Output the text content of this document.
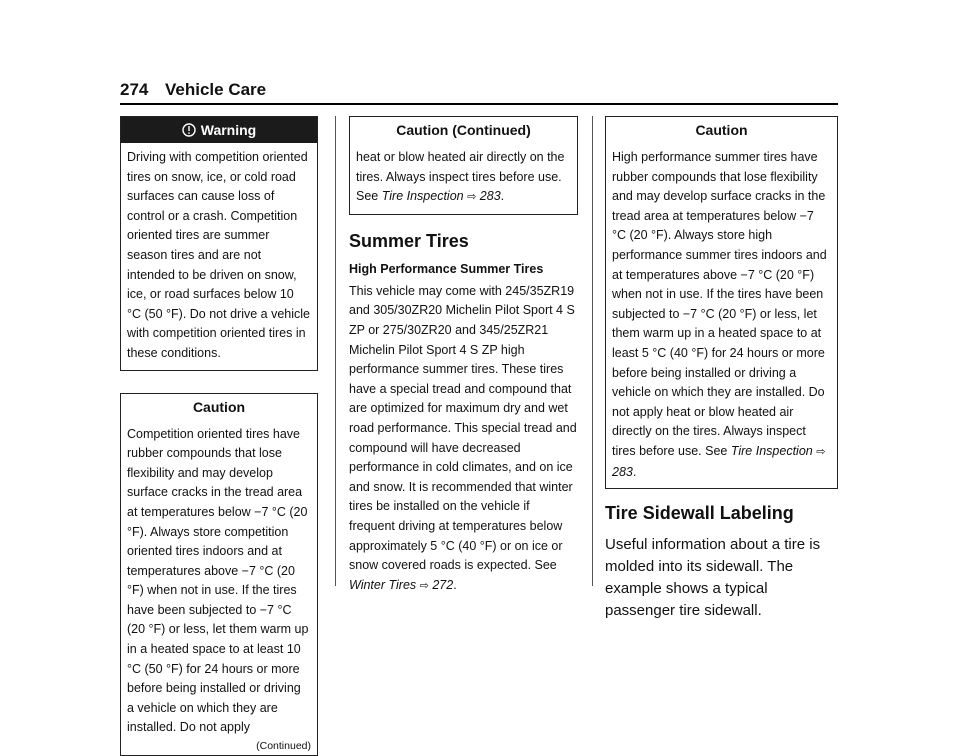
274 Vehicle Care
Warning
Driving with competition oriented tires on snow, ice, or cold road surfaces can cause loss of control or a crash. Competition oriented tires are summer season tires and are not intended to be driven on snow, ice, or road surfaces below 10 °C (50 °F). Do not drive a vehicle with competition oriented tires in these conditions.
Caution
Competition oriented tires have rubber compounds that lose flexibility and may develop surface cracks in the tread area at temperatures below −7 °C (20 °F). Always store competition oriented tires indoors and at temperatures above −7 °C (20 °F) when not in use. If the tires have been subjected to −7 °C (20 °F) or less, let them warm up in a heated space to at least 10 °C (50 °F) for 24 hours or more before being installed or driving a vehicle on which they are installed. Do not apply
(Continued)
Caution (Continued)
heat or blow heated air directly on the tires. Always inspect tires before use. See Tire Inspection ⇨ 283.
Summer Tires

High Performance Summer Tires

This vehicle may come with 245/35ZR19 and 305/30ZR20 Michelin Pilot Sport 4 S ZP or 275/30ZR20 and 345/25ZR21 Michelin Pilot Sport 4 S ZP high performance summer tires. These tires have a special tread and compound that are optimized for maximum dry and wet road performance. This special tread and compound will have decreased performance in cold climates, and on ice and snow. It is recommended that winter tires be installed on the vehicle if frequent driving at temperatures below approximately 5 °C (40 °F) or on ice or snow covered roads is expected. See Winter Tires ⇨ 272.

Caution
High performance summer tires have rubber compounds that lose flexibility and may develop surface cracks in the tread area at temperatures below −7 °C (20 °F). Always store high performance summer tires indoors and at temperatures above −7 °C (20 °F) when not in use. If the tires have been subjected to −7 °C (20 °F) or less, let them warm up in a heated space to at least 5 °C (40 °F) for 24 hours or more before being installed or driving a vehicle on which they are installed. Do not apply heat or blow heated air directly on the tires. Always inspect tires before use. See Tire Inspection ⇨ 283.
Tire Sidewall Labeling

Useful information about a tire is molded into its sidewall. The example shows a typical passenger tire sidewall.
